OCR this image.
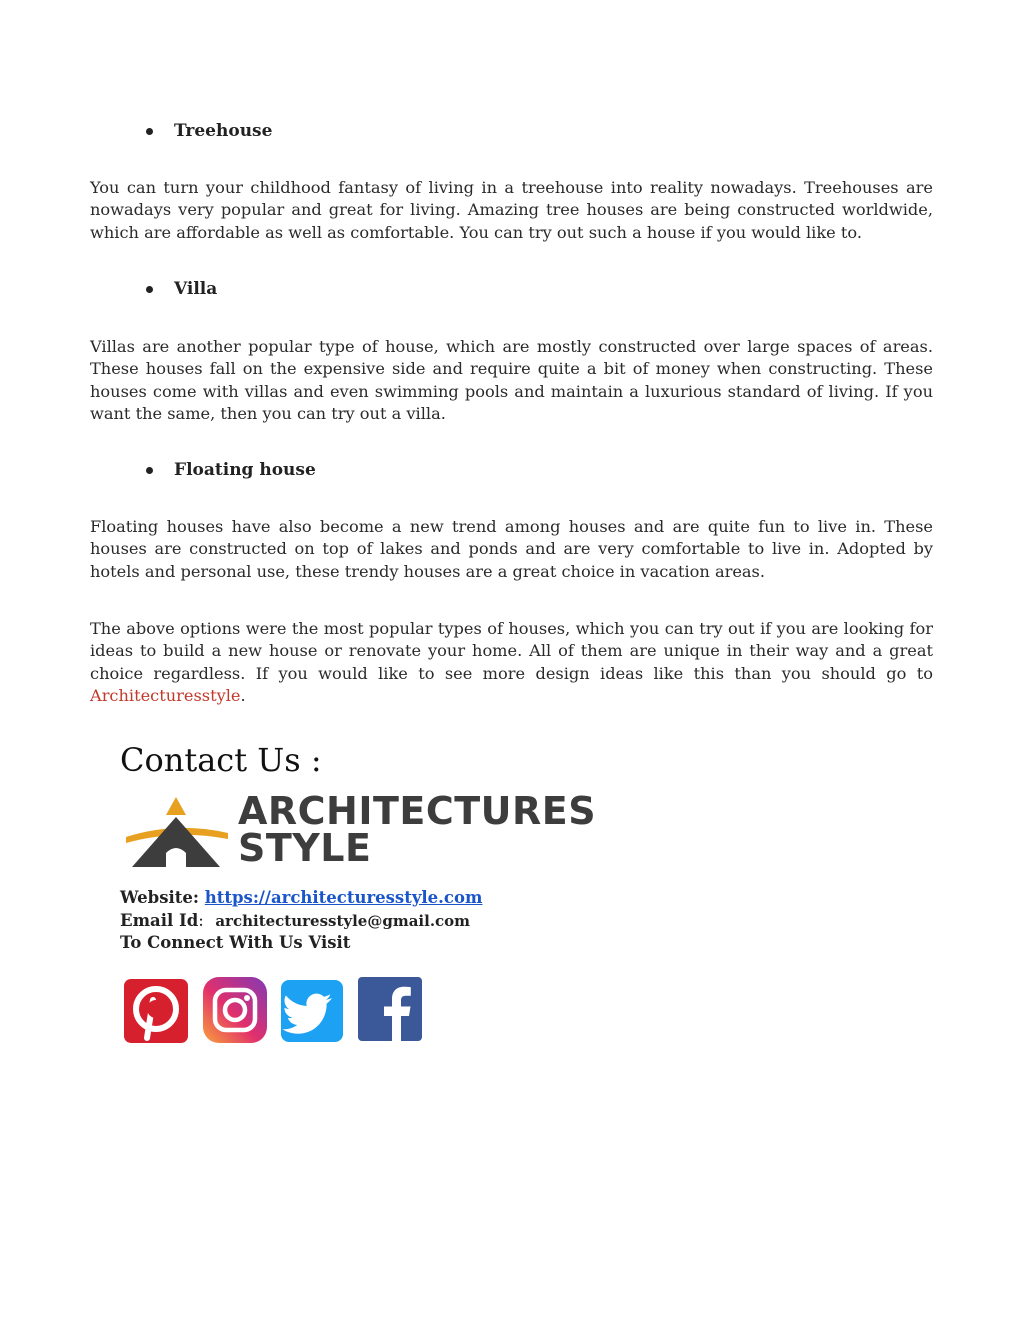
Treehouse

You can turn your childhood fantasy of living in a treehouse into reality nowadays. Treehouses are nowadays very popular and great for living. Amazing tree houses are being constructed worldwide, which are affordable as well as comfortable. You can try out such a house if you would like to.

Villa

Villas are another popular type of house, which are mostly constructed over large spaces of areas. These houses fall on the expensive side and require quite a bit of money when constructing. These houses come with villas and even swimming pools and maintain a luxurious standard of living. If you want the same, then you can try out a villa.

Floating house

Floating houses have also become a new trend among houses and are quite fun to live in. These houses are constructed on top of lakes and ponds and are very comfortable to live in. Adopted by hotels and personal use, these trendy houses are a great choice in vacation areas.

The above options were the most popular types of houses, which you can try out if you are looking for ideas to build a new house or renovate your home. All of them are unique in their way and a great choice regardless. If you would like to see more design ideas like this than you should go to Architecturesstyle.

Contact Us :
ARCHITECTURES
STYLE
Website: https://architecturesstyle.com
Email Id: architecturesstyle@gmail.com
To Connect With Us Visit
